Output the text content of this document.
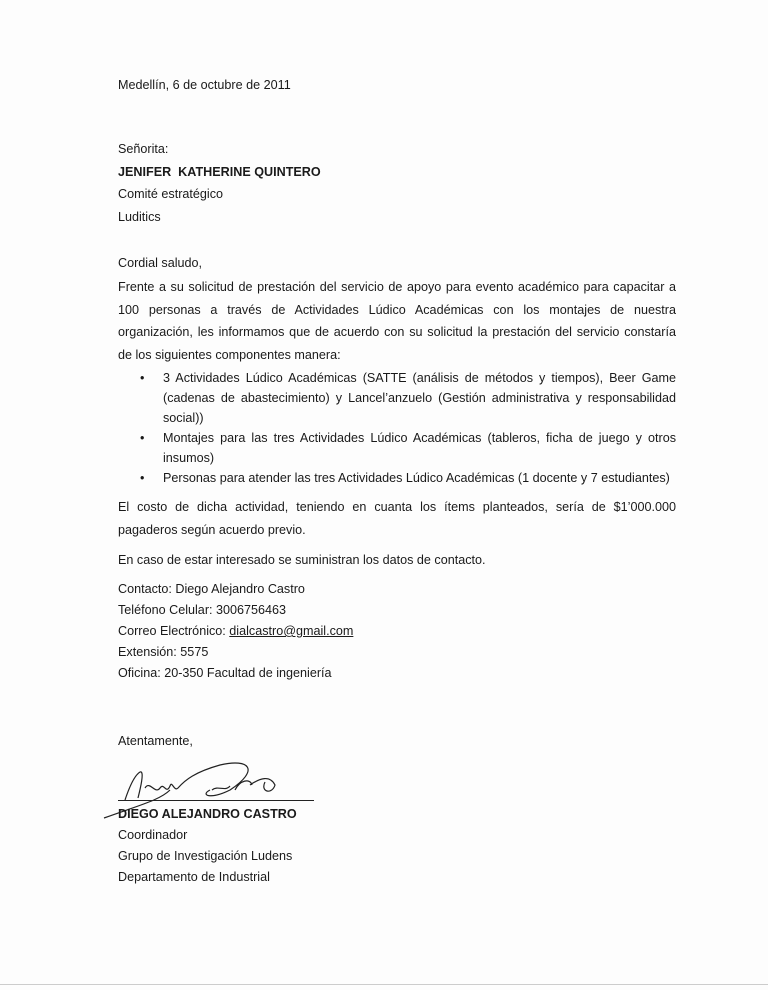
Medellín, 6 de octubre de 2011
Señorita:
JENIFER  KATHERINE QUINTERO
Comité estratégico
Luditics
Cordial saludo,
Frente a su solicitud de prestación del servicio de apoyo para evento académico para capacitar a 100 personas a través de Actividades Lúdico Académicas con los montajes de nuestra organización, les informamos que de acuerdo con su solicitud la prestación del servicio constaría de los siguientes componentes manera:
• 3 Actividades Lúdico Académicas (SATTE (análisis de métodos y tiempos), Beer Game (cadenas de abastecimiento) y Lancel’anzuelo (Gestión administrativa y responsabilidad social))
• Montajes para las tres Actividades Lúdico Académicas (tableros, ficha de juego y otros insumos)
• Personas para atender las tres Actividades Lúdico Académicas (1 docente y 7 estudiantes)
El costo de dicha actividad, teniendo en cuanta los ítems planteados, sería de $1’000.000 pagaderos según acuerdo previo.
En caso de estar interesado se suministran los datos de contacto.
Contacto: Diego Alejandro Castro
Teléfono Celular: 3006756463
Correo Electrónico: dialcastro@gmail.com
Extensión: 5575
Oficina: 20-350 Facultad de ingeniería
Atentamente,
DIEGO ALEJANDRO CASTRO
Coordinador
Grupo de Investigación Ludens
Departamento de Industrial
